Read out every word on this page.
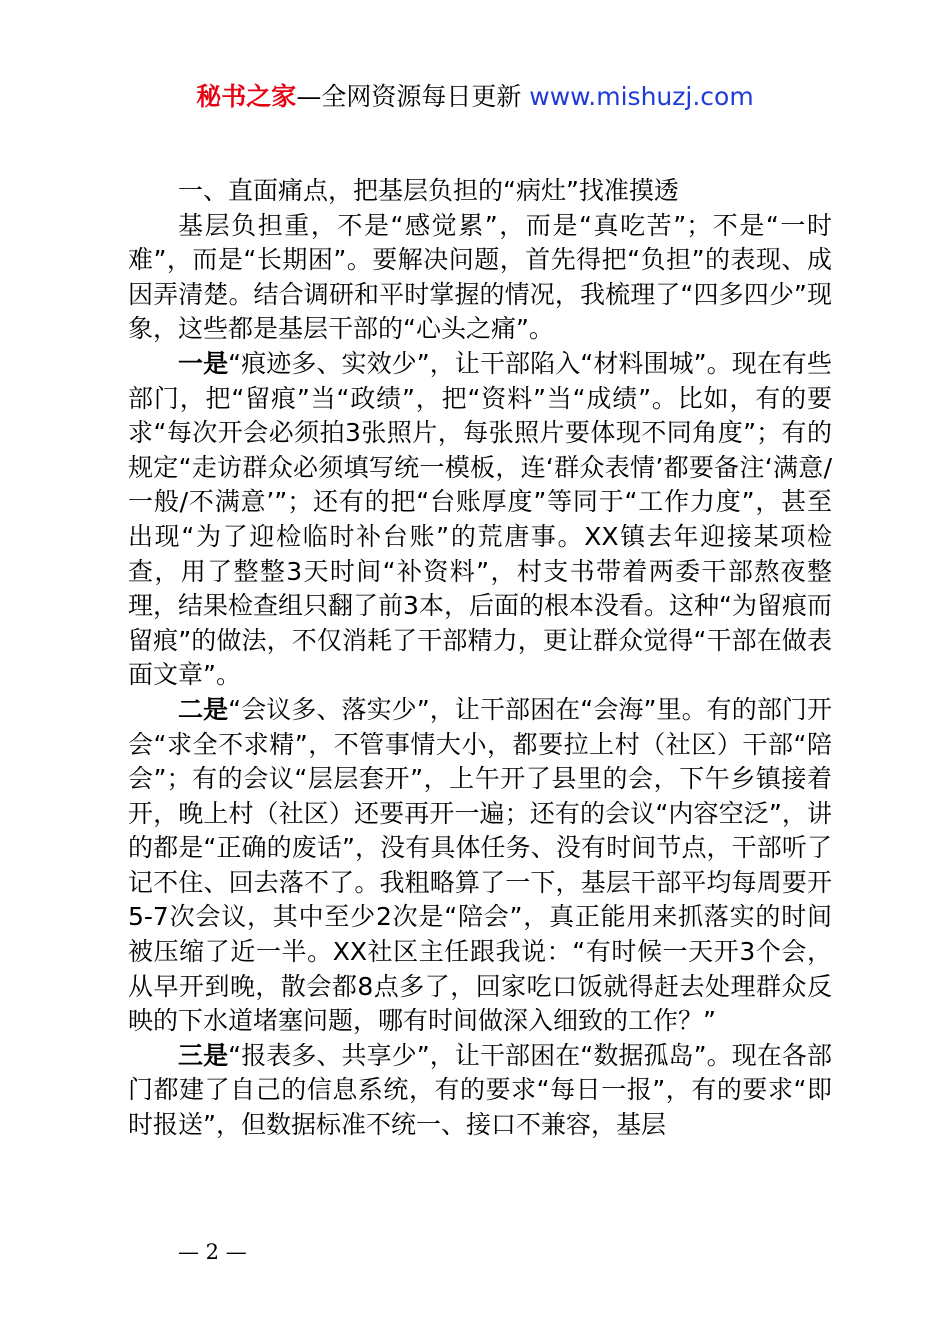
秘书之家—全网资源每日更新 www.mishuzj.com

一、直面痛点，把基层负担的“病灶”找准摸透

基层负担重，不是“感觉累”，而是“真吃苦”；不是“一时难”，而是“长期困”。要解决问题，首先得把“负担”的表现、成因弄清楚。结合调研和平时掌握的情况，我梳理了“四多四少”现象，这些都是基层干部的“心头之痛”。

一是“痕迹多、实效少”，让干部陷入“材料围城”。现在有些部门，把“留痕”当“政绩”，把“资料”当“成绩”。比如，有的要求“每次开会必须拍3张照片，每张照片要体现不同角度”；有的规定“走访群众必须填写统一模板，连‘群众表情’都要备注‘满意/一般/不满意’”；还有的把“台账厚度”等同于“工作力度”，甚至出现“为了迎检临时补台账”的荒唐事。XX镇去年迎接某项检查，用了整整3天时间“补资料”，村支书带着两委干部熬夜整理，结果检查组只翻了前3本，后面的根本没看。这种“为留痕而留痕”的做法，不仅消耗了干部精力，更让群众觉得“干部在做表面文章”。

二是“会议多、落实少”，让干部困在“会海”里。有的部门开会“求全不求精”，不管事情大小，都要拉上村（社区）干部“陪会”；有的会议“层层套开”，上午开了县里的会，下午乡镇接着开，晚上村（社区）还要再开一遍；还有的会议“内容空泛”，讲的都是“正确的废话”，没有具体任务、没有时间节点，干部听了记不住、回去落不了。我粗略算了一下，基层干部平均每周要开5-7次会议，其中至少2次是“陪会”，真正能用来抓落实的时间被压缩了近一半。XX社区主任跟我说：“有时候一天开3个会，从早开到晚，散会都8点多了，回家吃口饭就得赶去处理群众反映的下水道堵塞问题，哪有时间做深入细致的工作？”

三是“报表多、共享少”，让干部困在“数据孤岛”。现在各部门都建了自己的信息系统，有的要求“每日一报”，有的要求“即时报送”，但数据标准不统一、接口不兼容，基层

— 2 —
